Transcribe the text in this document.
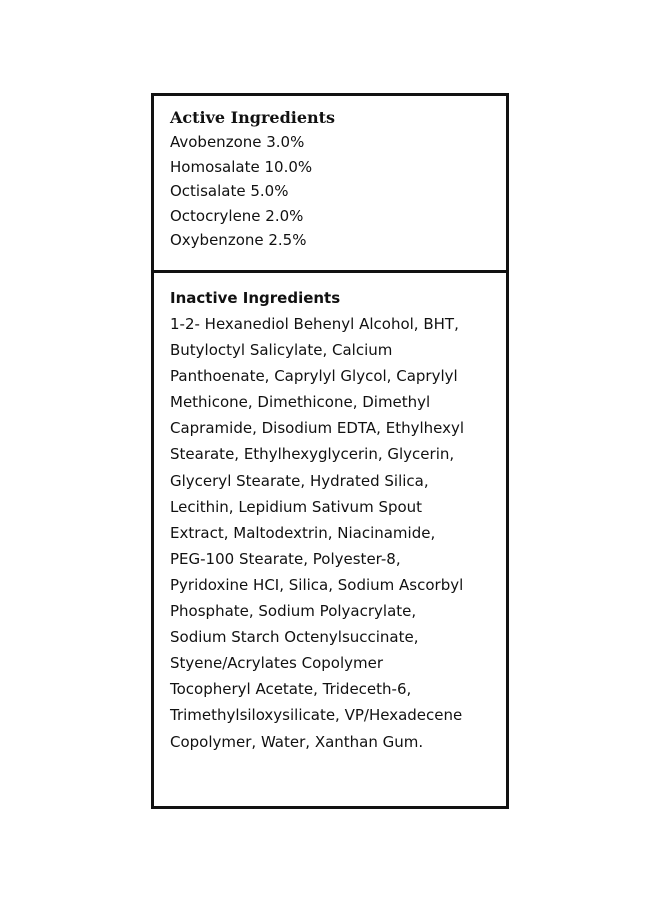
Active Ingredients
Avobenzone 3.0%
Homosalate 10.0%
Octisalate 5.0%
Octocrylene 2.0%
Oxybenzone 2.5%
Inactive Ingredients
1-2- Hexanediol Behenyl Alcohol, BHT,
Butyloctyl Salicylate, Calcium
Panthoenate, Caprylyl Glycol, Caprylyl
Methicone, Dimethicone, Dimethyl
Capramide, Disodium EDTA, Ethylhexyl
Stearate, Ethylhexyglycerin, Glycerin,
Glyceryl Stearate, Hydrated Silica,
Lecithin, Lepidium Sativum Spout
Extract, Maltodextrin, Niacinamide,
PEG-100 Stearate, Polyester-8,
Pyridoxine HCI, Silica, Sodium Ascorbyl
Phosphate, Sodium Polyacrylate,
Sodium Starch Octenylsuccinate,
Styene/Acrylates Copolymer
Tocopheryl Acetate, Trideceth-6,
Trimethylsiloxysilicate, VP/Hexadecene
Copolymer, Water, Xanthan Gum.
